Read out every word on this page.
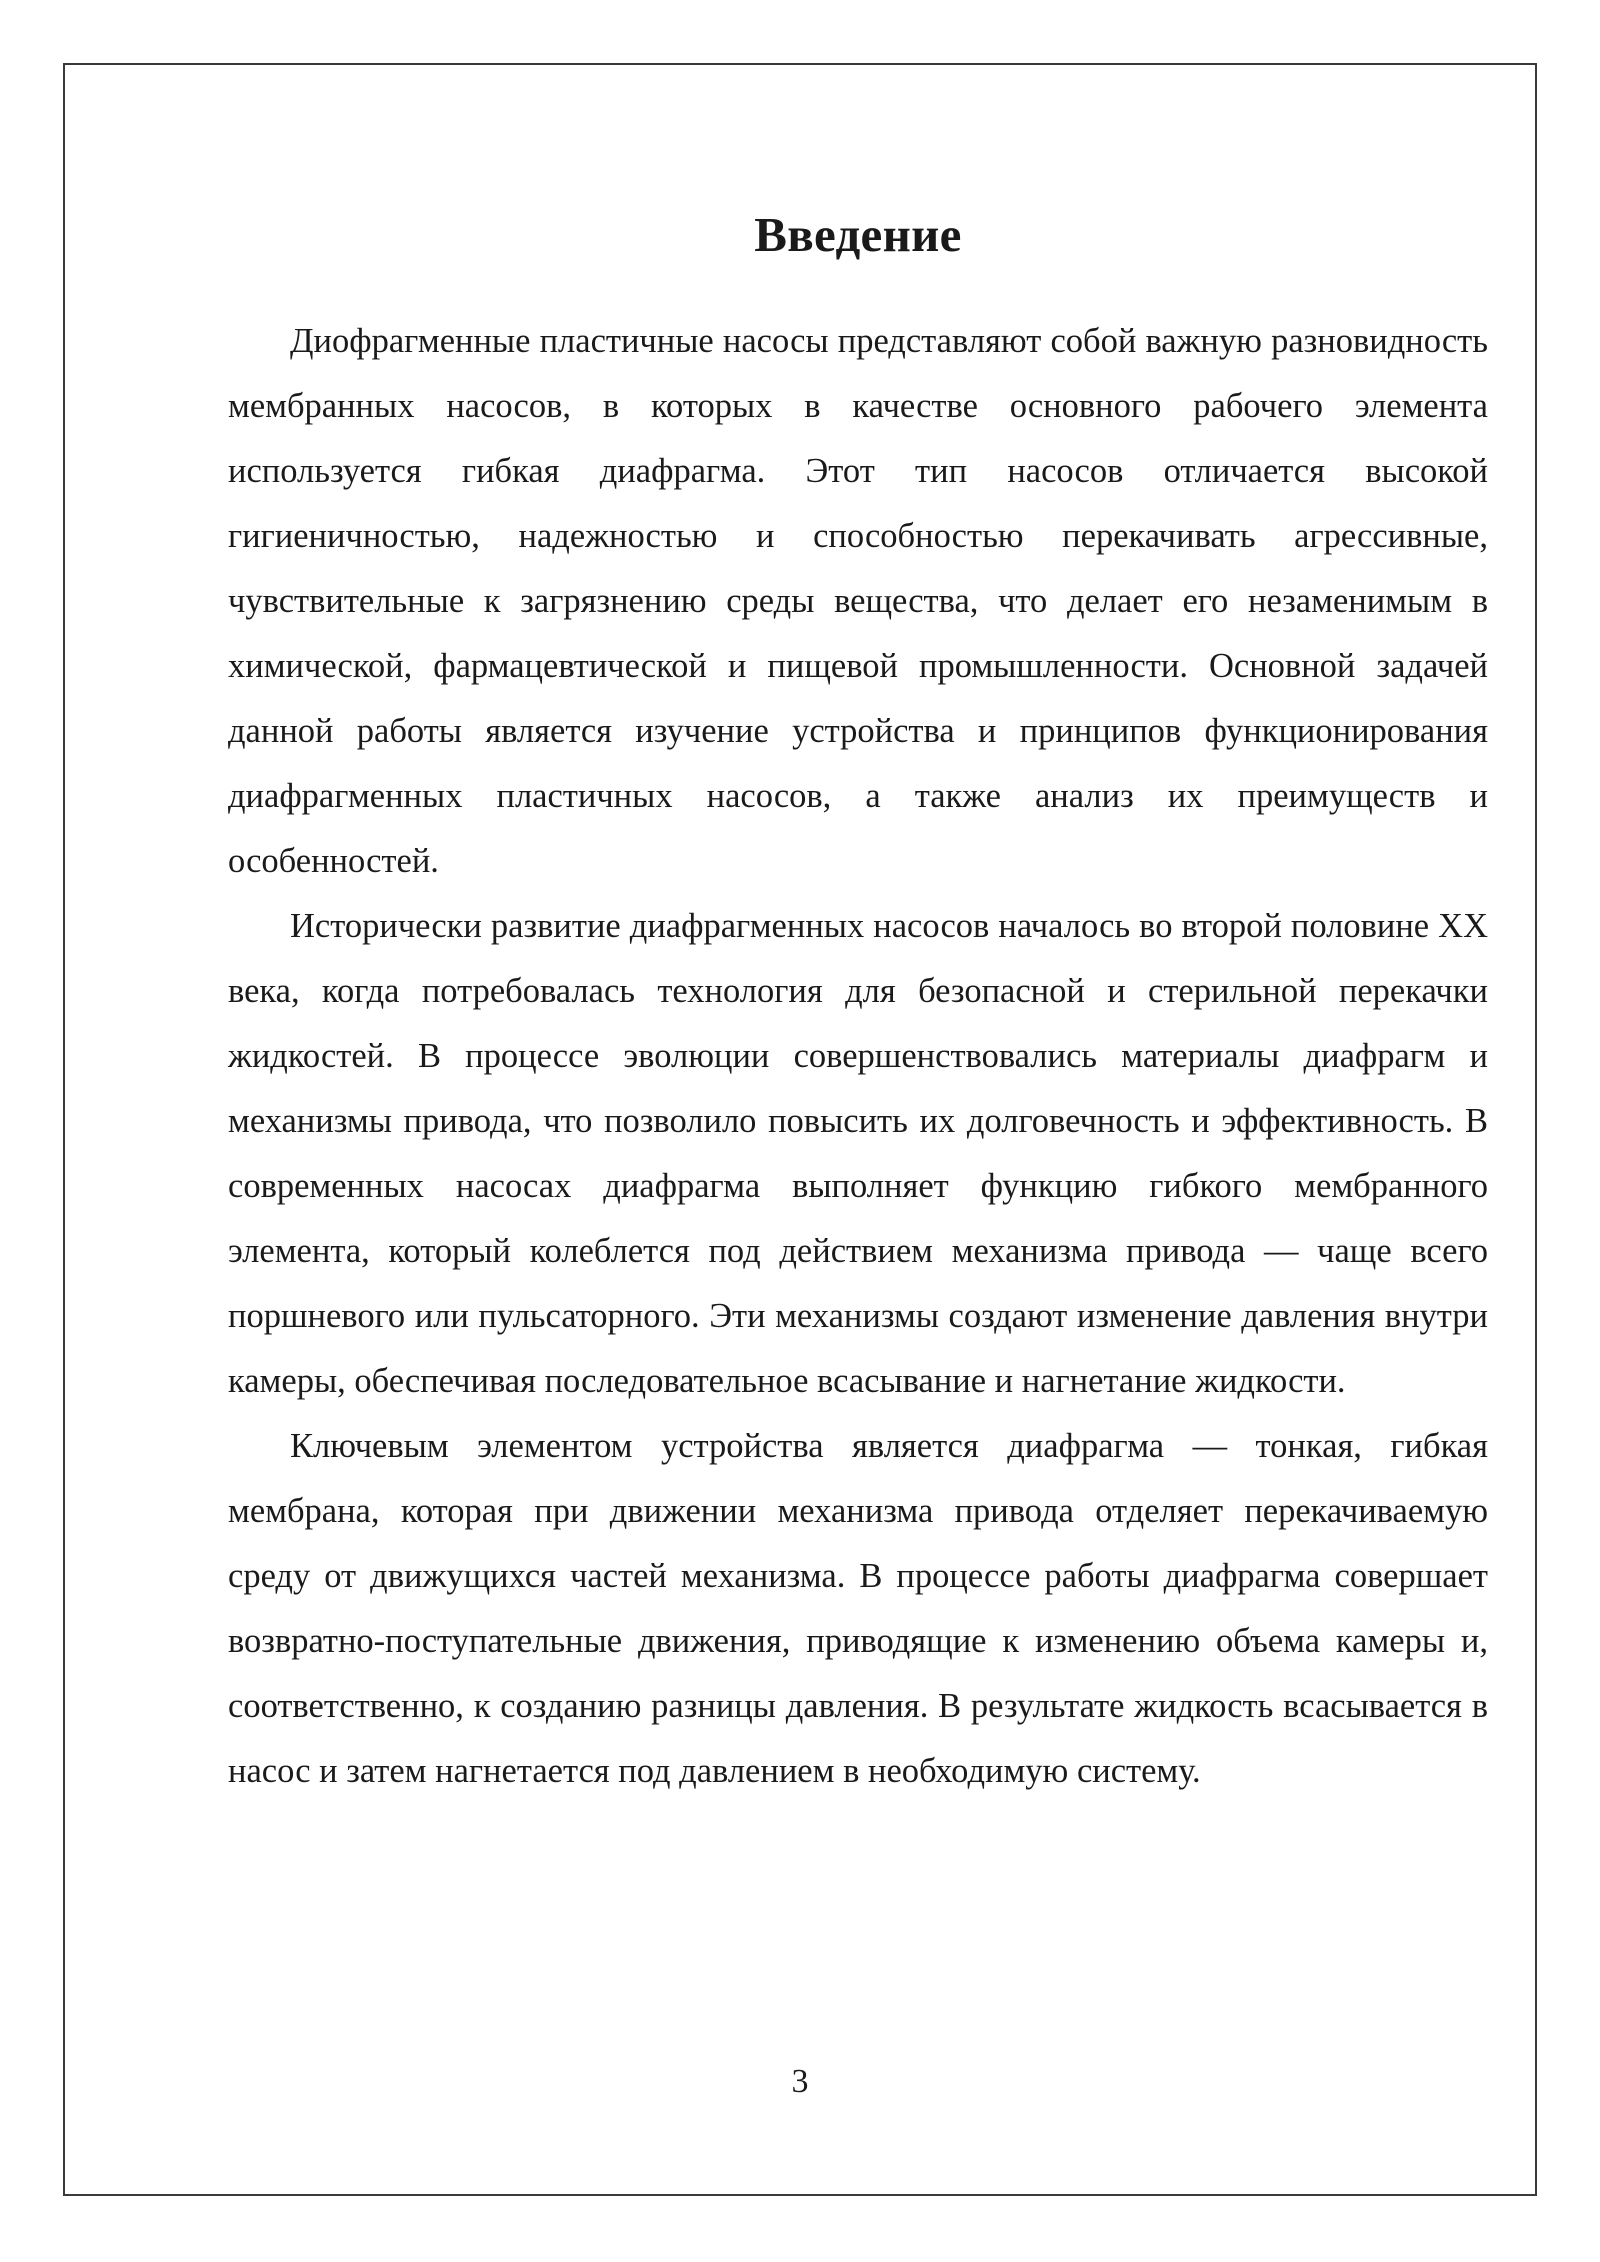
Введение

Диофрагменные пластичные насосы представляют собой важную разновидность мембранных насосов, в которых в качестве основного рабочего элемента используется гибкая диафрагма. Этот тип насосов отличается высокой гигиеничностью, надежностью и способностью перекачивать агрессивные, чувствительные к загрязнению среды вещества, что делает его незаменимым в химической, фармацевтической и пищевой промышленности. Основной задачей данной работы является изучение устройства и принципов функционирования диафрагменных пластичных насосов, а также анализ их преимуществ и особенностей.

Исторически развитие диафрагменных насосов началось во второй половине XX века, когда потребовалась технология для безопасной и стерильной перекачки жидкостей. В процессе эволюции совершенствовались материалы диафрагм и механизмы привода, что позволило повысить их долговечность и эффективность. В современных насосах диафрагма выполняет функцию гибкого мембранного элемента, который колеблется под действием механизма привода — чаще всего поршневого или пульсаторного. Эти механизмы создают изменение давления внутри камеры, обеспечивая последовательное всасывание и нагнетание жидкости.

Ключевым элементом устройства является диафрагма — тонкая, гибкая мембрана, которая при движении механизма привода отделяет перекачиваемую среду от движущихся частей механизма. В процессе работы диафрагма совершает возвратно-поступательные движения, приводящие к изменению объема камеры и, соответственно, к созданию разницы давления. В результате жидкость всасывается в насос и затем нагнетается под давлением в необходимую систему.

3
